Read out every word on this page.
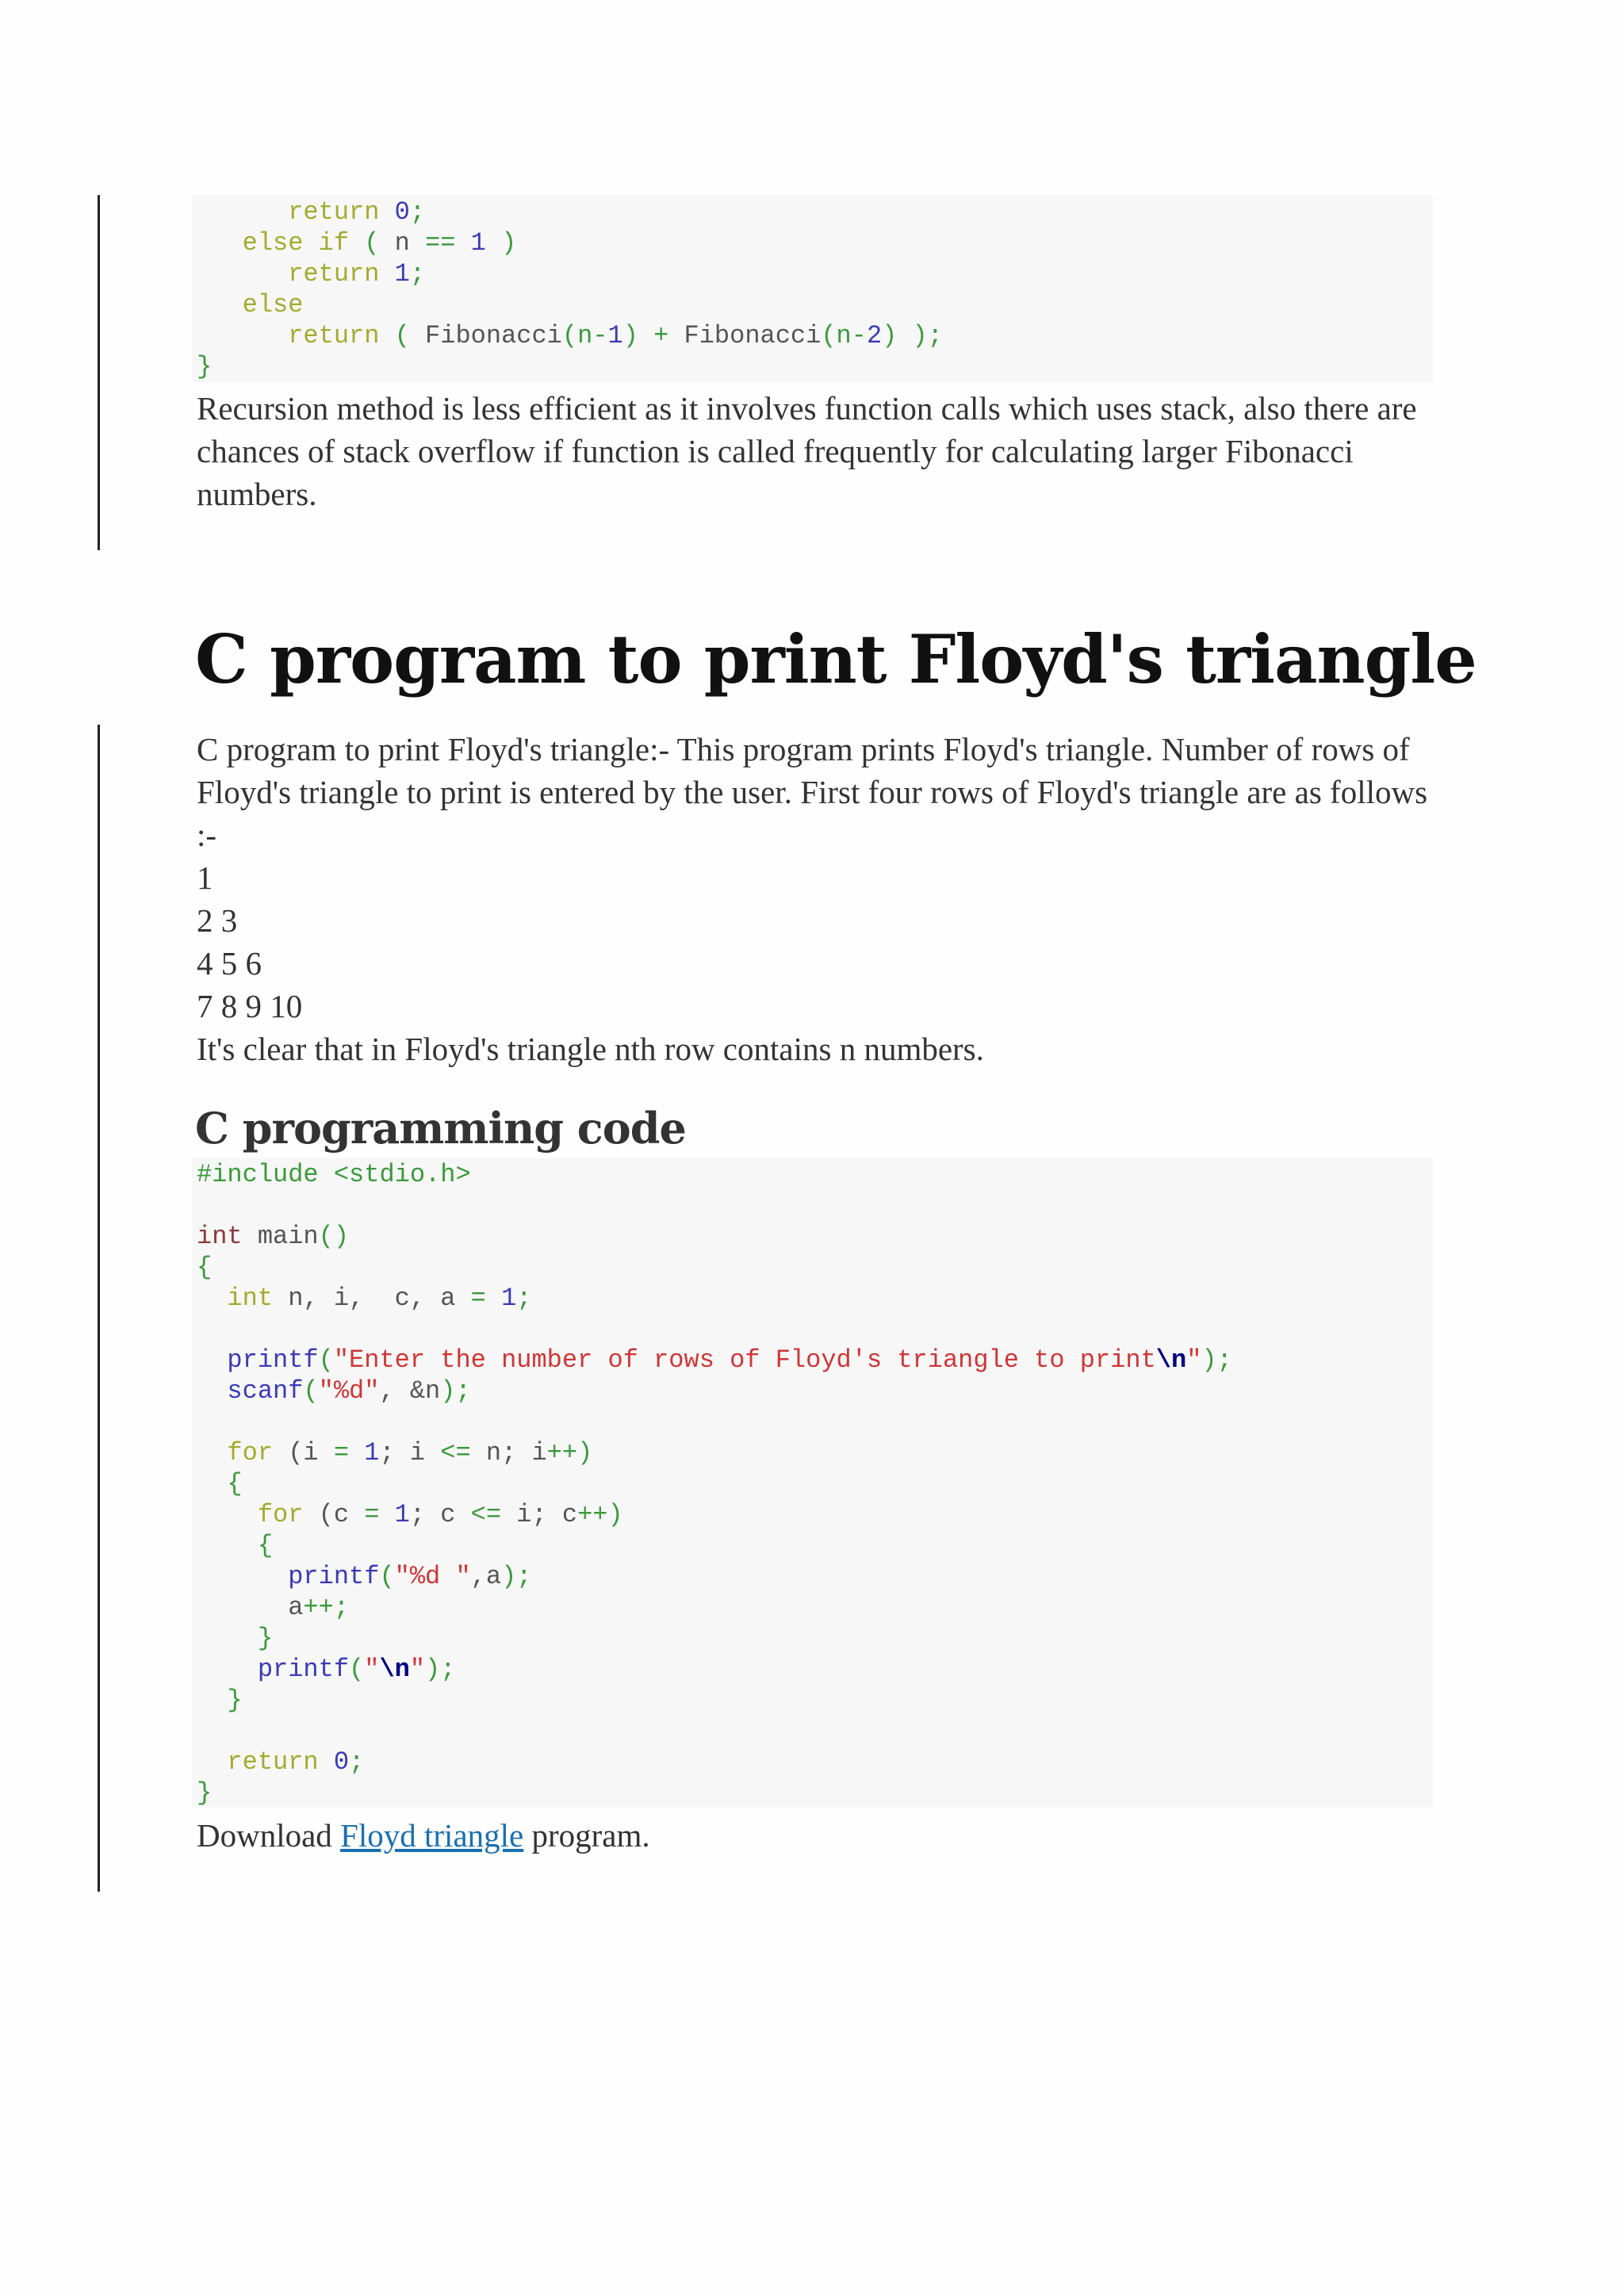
return 0;
else if ( n == 1 )
return 1;
else
return ( Fibonacci(n-1) + Fibonacci(n-2) );
}

Recursion method is less efficient as it involves function calls which uses stack, also there are chances of stack overflow if function is called frequently for calculating larger Fibonacci numbers.

C program to print Floyd's triangle
C program to print Floyd's triangle:- This program prints Floyd's triangle. Number of rows of Floyd's triangle to print is entered by the user. First four rows of Floyd's triangle are as follows :-
1
2 3
4 5 6
7 8 9 10
It's clear that in Floyd's triangle nth row contains n numbers.
C programming code
#include <stdio.h>
int main()
{
int n, i,  c, a = 1;
printf("Enter the number of rows of Floyd's triangle to print\n");
scanf("%d", &n);
for (i = 1; i <= n; i++)
{
for (c = 1; c <= i; c++)
{
printf("%d ",a);
a++;
}
printf("\n");
}
return 0;
}

Download Floyd triangle program.
